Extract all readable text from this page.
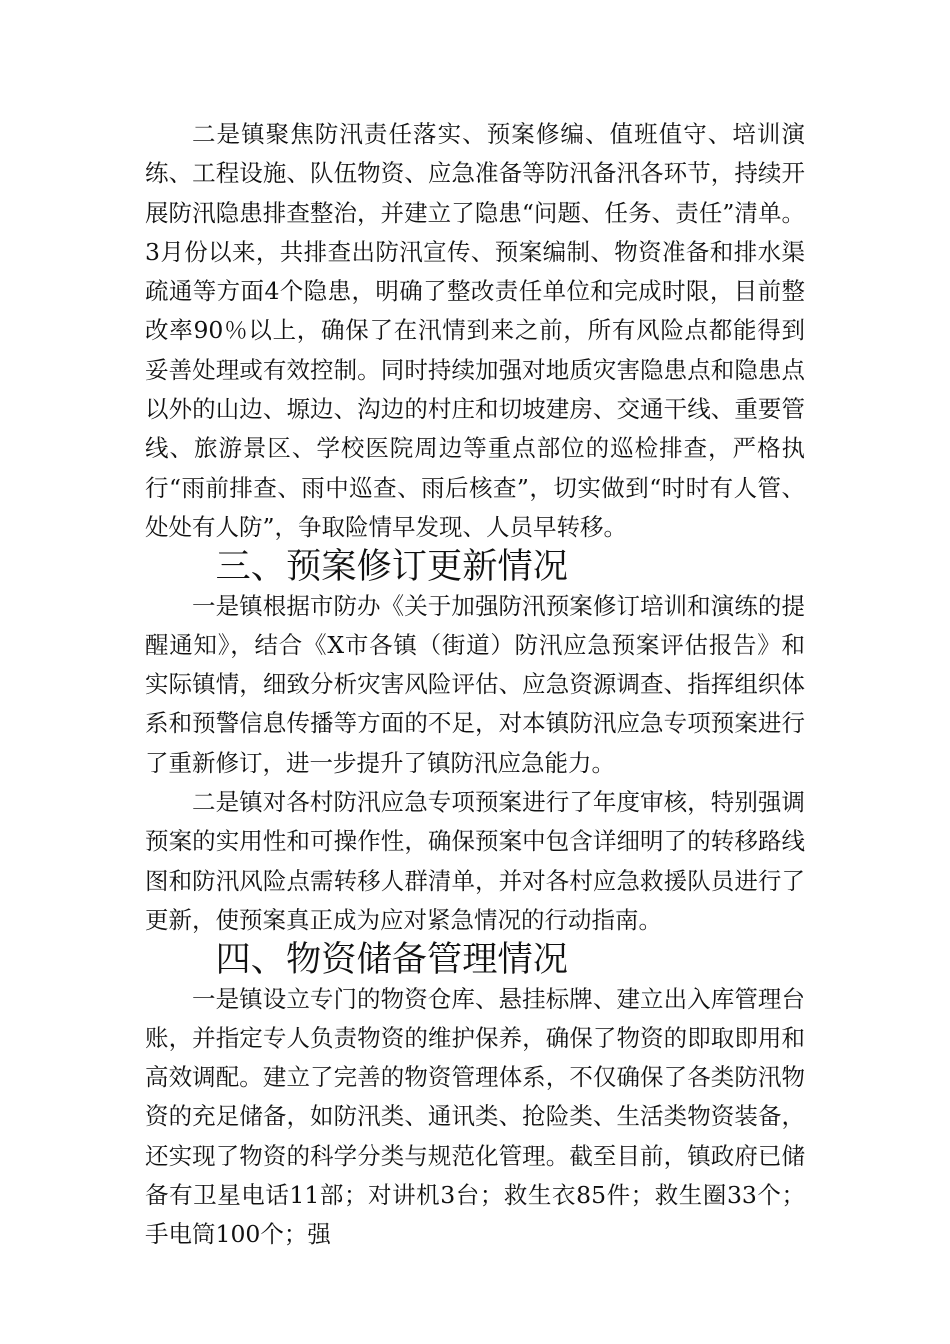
二是镇聚焦防汛责任落实、预案修编、值班值守、培训演练、工程设施、队伍物资、应急准备等防汛备汛各环节，持续开展防汛隐患排查整治，并建立了隐患“问题、任务、责任”清单。3月份以来，共排查出防汛宣传、预案编制、物资准备和排水渠疏通等方面4个隐患，明确了整改责任单位和完成时限，目前整改率90％以上，确保了在汛情到来之前，所有风险点都能得到妥善处理或有效控制。同时持续加强对地质灾害隐患点和隐患点以外的山边、塬边、沟边的村庄和切坡建房、交通干线、重要管线、旅游景区、学校医院周边等重点部位的巡检排查，严格执行“雨前排查、雨中巡查、雨后核查”，切实做到“时时有人管、处处有人防”，争取险情早发现、人员早转移。

三、预案修订更新情况

一是镇根据市防办《关于加强防汛预案修订培训和演练的提醒通知》，结合《X市各镇（街道）防汛应急预案评估报告》和实际镇情，细致分析灾害风险评估、应急资源调查、指挥组织体系和预警信息传播等方面的不足，对本镇防汛应急专项预案进行了重新修订，进一步提升了镇防汛应急能力。

二是镇对各村防汛应急专项预案进行了年度审核，特别强调预案的实用性和可操作性，确保预案中包含详细明了的转移路线图和防汛风险点需转移人群清单，并对各村应急救援队员进行了更新，使预案真正成为应对紧急情况的行动指南。

四、物资储备管理情况

一是镇设立专门的物资仓库、悬挂标牌、建立出入库管理台账，并指定专人负责物资的维护保养，确保了物资的即取即用和高效调配。建立了完善的物资管理体系，不仅确保了各类防汛物资的充足储备，如防汛类、通讯类、抢险类、生活类物资装备，还实现了物资的科学分类与规范化管理。截至目前，镇政府已储备有卫星电话11部；对讲机3台；救生衣85件；救生圈33个；手电筒100个；强
